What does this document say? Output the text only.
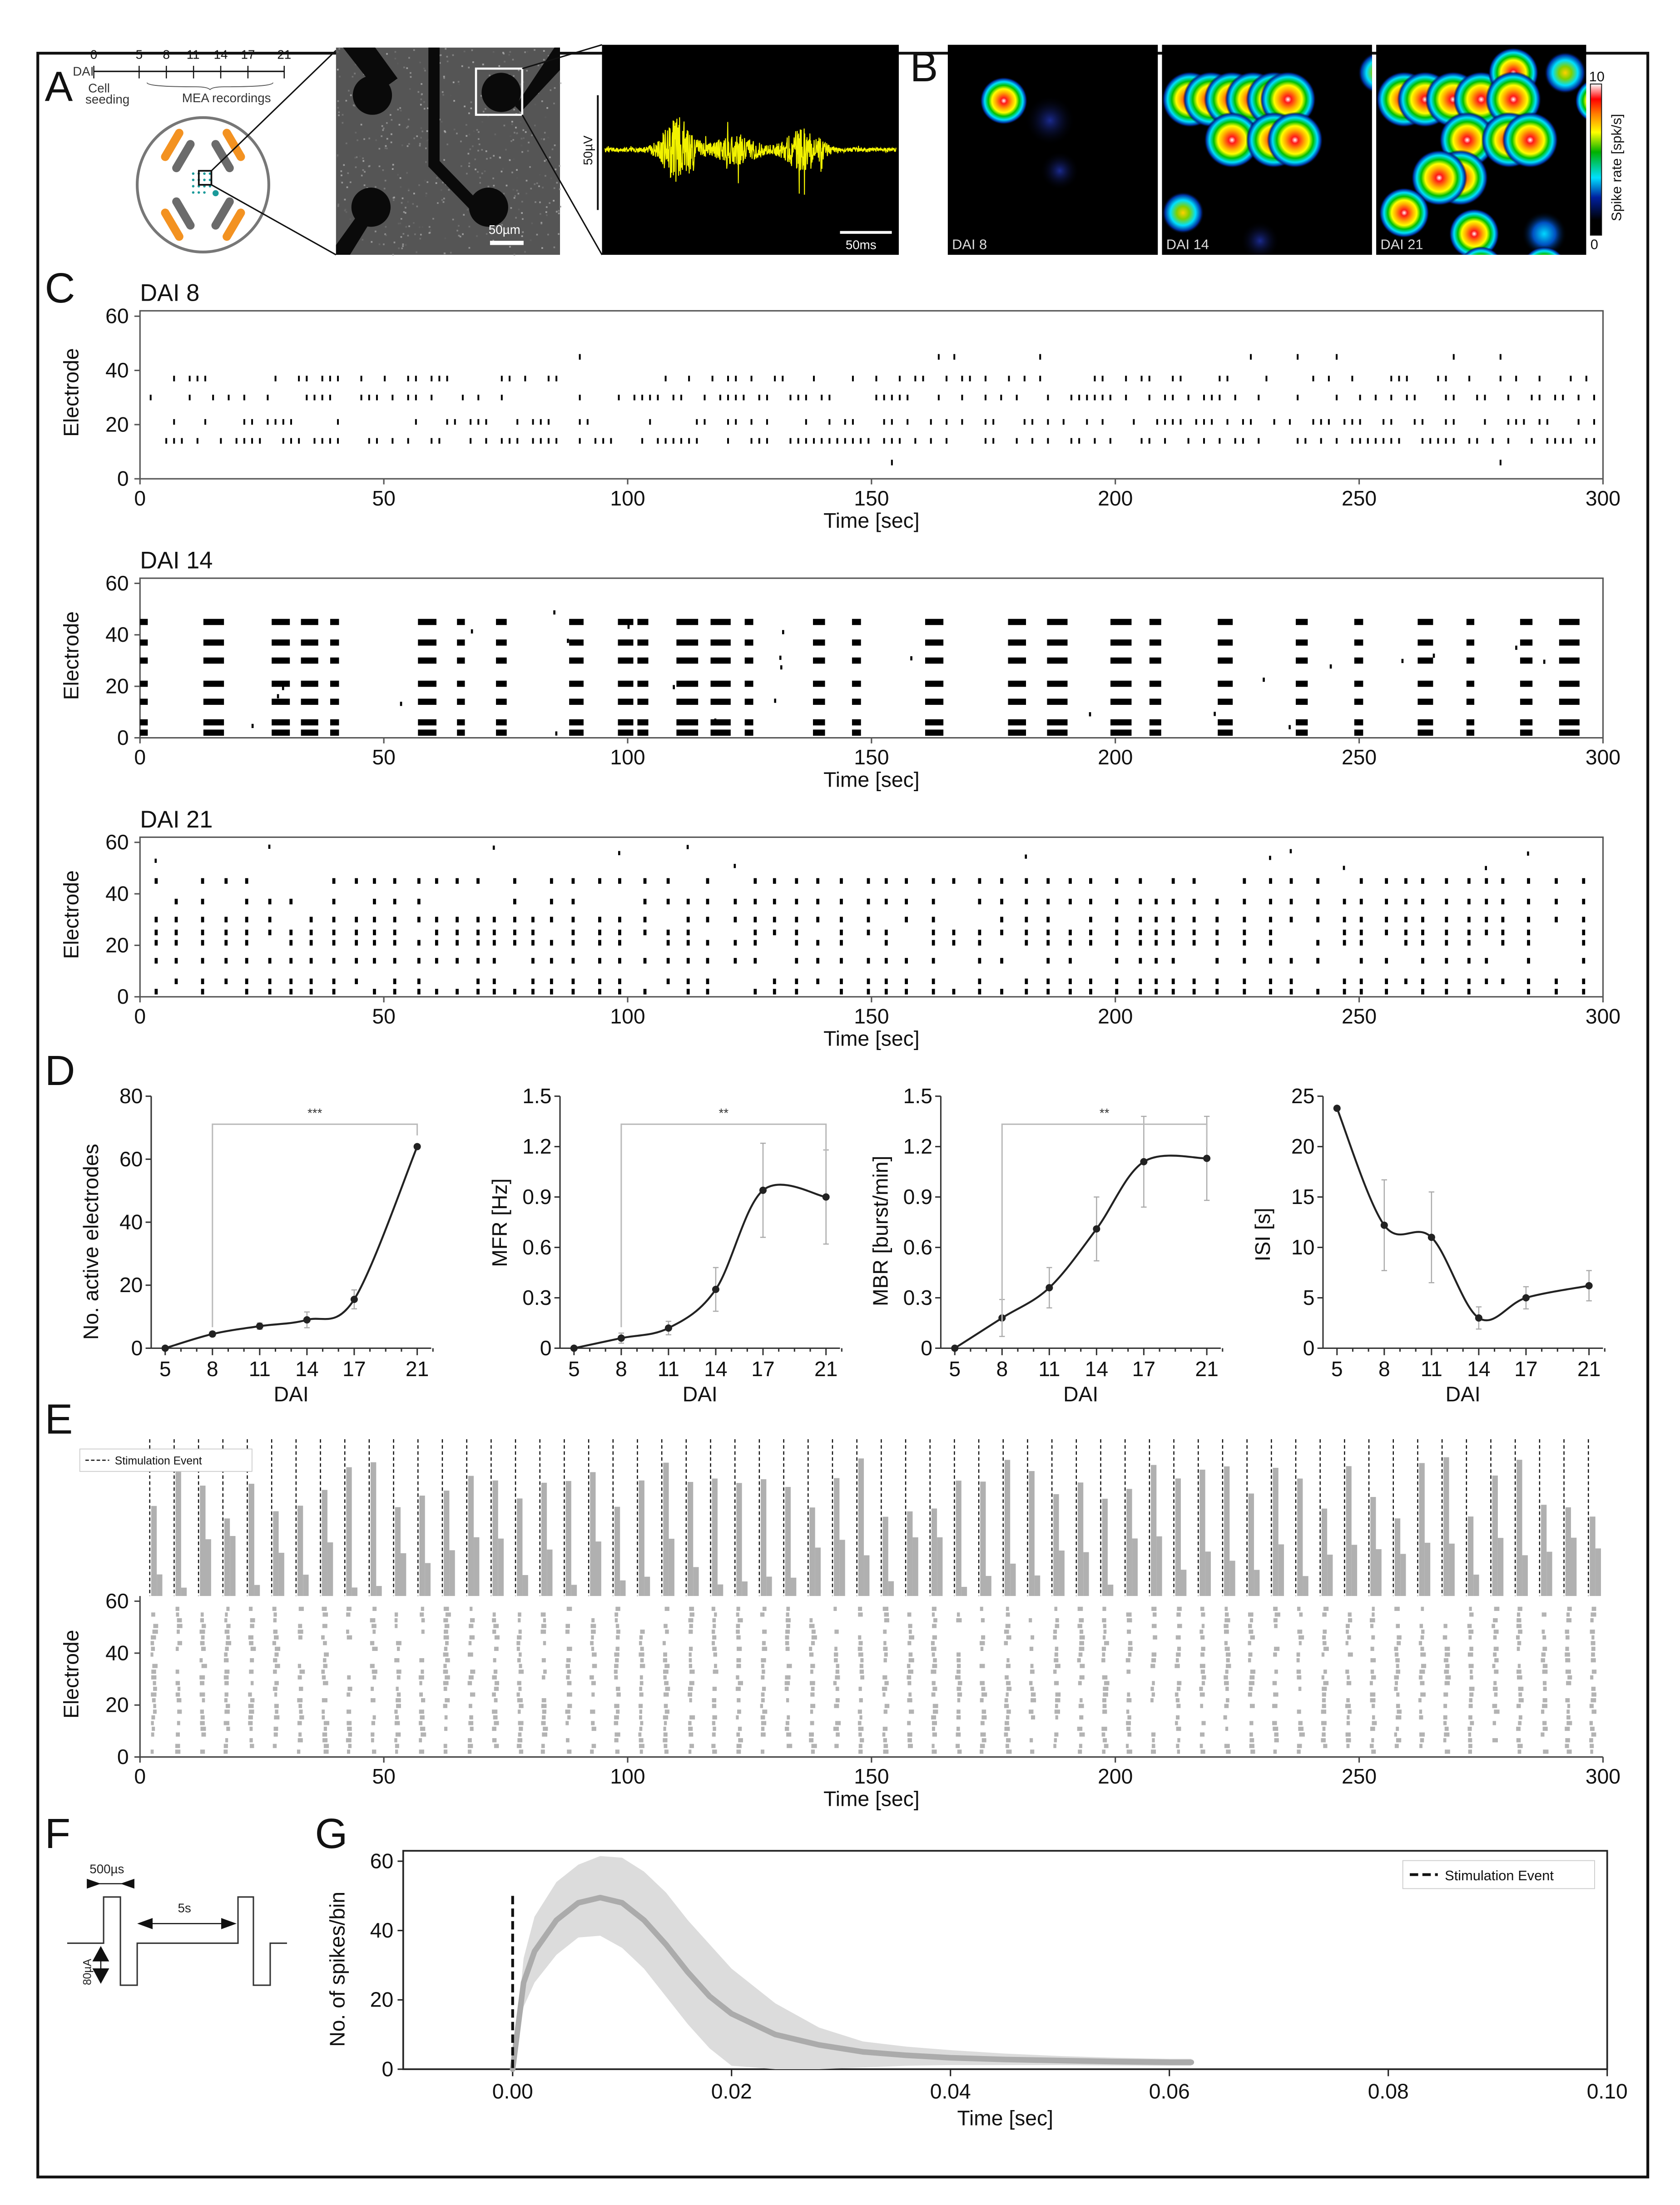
A
0	5	8	11	14	17	21
DAI
Cell
seeding	MEA recordings
50µm
50µV
50ms
B
DAI 8	DAI 14	DAI 21
10
0
Spike rate [spk/s]
C	DAI 8
0
20
40
60
0	50	100	150	200	250	300
Time [sec]
Electrode
DAI 14
0
20
40
60
0	50	100	150	200	250	300
Time [sec]
Electrode
DAI 21
0
20
40
60
0	50	100	150	200	250	300
Time [sec]
Electrode
D
0
20
40
60
80
5	8	11	14	17	21
DAI
No. active electrodes
***
0
0.3
0.6
0.9
1.2
1.5
5	8	11	14	17	21
DAI
MFR [Hz]
**
0
0.3
0.6
0.9
1.2
1.5
5	8	11	14	17	21
DAI
MBR [burst/min]
**
0
5
10
15
20
25
5	8	11	14	17	21
DAI
ISI [s]
E
0
20
40
60
0	50	100	150	200	250	300
Time [sec]
Electrode
Stimulation Event
F
500µs
5s
80µA
G
0
20
40
60
0.00	0.02	0.04	0.06	0.08	0.10
Time [sec]
No. of spikes/bin
Stimulation Event
